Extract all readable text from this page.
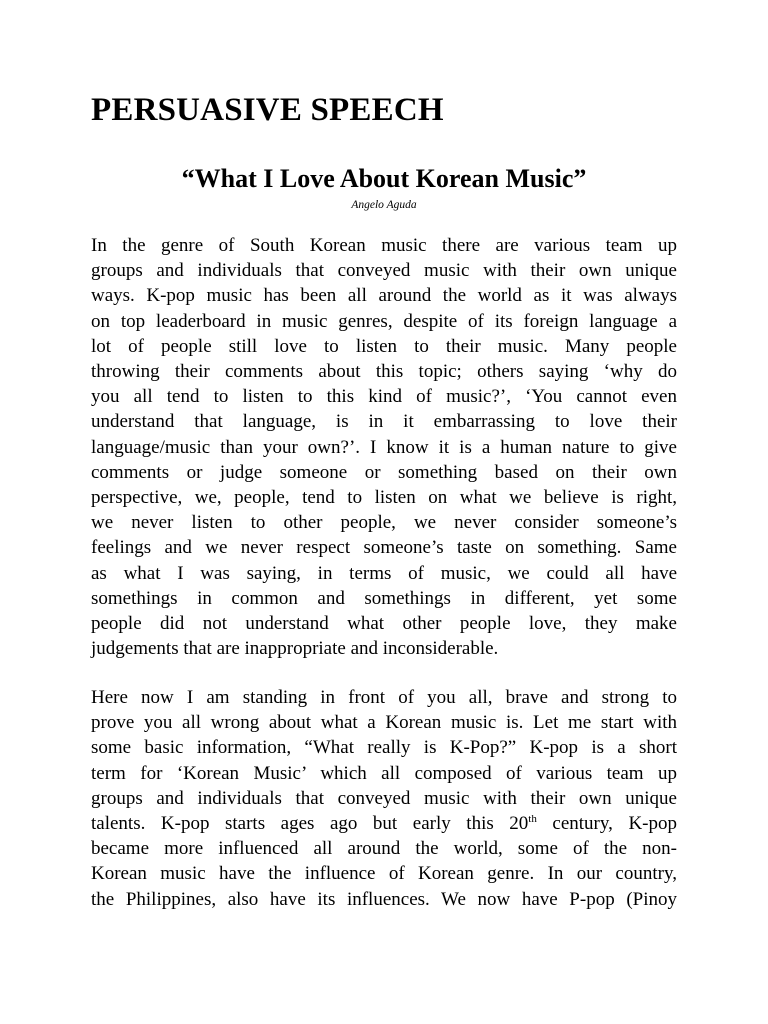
PERSUASIVE SPEECH
“What I Love About Korean Music”
Angelo Aguda
In the genre of South Korean music there are various team up
groups and individuals that conveyed music with their own unique
ways. K-pop music has been all around the world as it was always
on top leaderboard in music genres, despite of its foreign language a
lot of people still love to listen to their music. Many people
throwing their comments about this topic; others saying ‘why do
you all tend to listen to this kind of music?’, ‘You cannot even
understand that language, is in it embarrassing to love their
language/music than your own?’. I know it is a human nature to give
comments or judge someone or something based on their own
perspective, we, people, tend to listen on what we believe is right,
we never listen to other people, we never consider someone’s
feelings and we never respect someone’s taste on something. Same
as what I was saying, in terms of music, we could all have
somethings in common and somethings in different, yet some
people did not understand what other people love, they make
judgements that are inappropriate and inconsiderable.
Here now I am standing in front of you all, brave and strong to
prove you all wrong about what a Korean music is. Let me start with
some basic information, “What really is K-Pop?” K-pop is a short
term for ‘Korean Music’ which all composed of various team up
groups and individuals that conveyed music with their own unique
talents. K-pop starts ages ago but early this 20th century, K-pop
became more influenced all around the world, some of the non-
Korean music have the influence of Korean genre. In our country,
the Philippines, also have its influences. We now have P-pop (Pinoy
